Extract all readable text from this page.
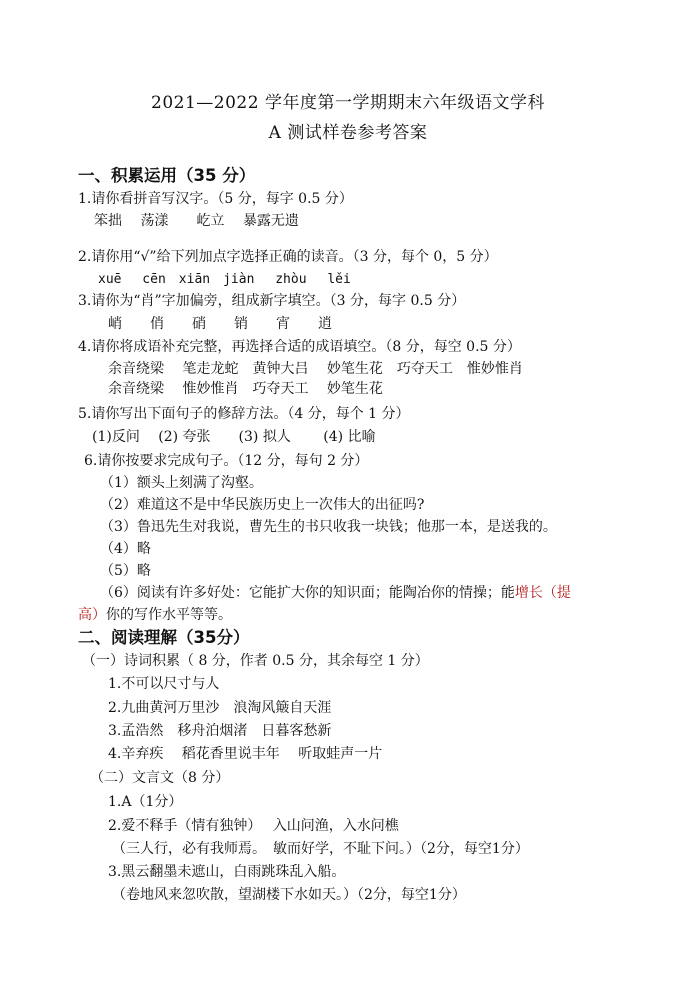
2021—2022 学年度第一学期期末六年级语文学科
A 测试样卷参考答案
一、积累运用（35 分）
1.请你看拼音写汉字。（5 分，每字 0.5 分）
笨拙　 荡漾　　屹立　 暴露无遗
2.请你用“√”给下列加点字选择正确的读音。（3 分，每个 0，5 分）
xuē　 cēn　xiān　jiàn　 zhòu　 lěi
3.请你为“肖”字加偏旁，组成新字填空。（3 分，每字 0.5 分）
峭　　俏　　硝　　销　　宵　　逍
4.请你将成语补充完整，再选择合适的成语填空。（8 分，每空 0.5 分）
余音绕梁　 笔走龙蛇　黄钟大吕　 妙笔生花　巧夺天工　惟妙惟肖
余音绕梁　 惟妙惟肖　巧夺天工　 妙笔生花
5.请你写出下面句子的修辞方法。（4 分，每个 1 分）
(1)反问　 (2) 夸张　　(3) 拟人　　 (4) 比喻
6.请你按要求完成句子。（12 分，每句 2 分）
（1）额头上刻满了沟壑。
（2）难道这不是中华民族历史上一次伟大的出征吗?
（3）鲁迅先生对我说，曹先生的书只收我一块钱；他那一本，是送我的。
（4）略
（5）略
（6）阅读有许多好处：它能扩大你的知识面；能陶冶你的情操；能增长（提
高）你的写作水平等等。
二、阅读理解（35分）
（一）诗词积累（ 8 分，作者 0.5 分，其余每空 1 分）
1.不可以尺寸与人
2.九曲黄河万里沙　浪淘风簸自天涯
3.孟浩然　移舟泊烟渚　日暮客愁新
4.辛弃疾　 稻花香里说丰年　 听取蛙声一片
（二）文言文（8 分）
1.A（1分）
2.爱不释手（情有独钟）　 入山问渔，入水问樵
（三人行，必有我师焉。　敏而好学，不耻下问。）（2分，每空1分）
3.黑云翻墨未遮山，白雨跳珠乱入船。
（卷地风来忽吹散，望湖楼下水如天。）（2分，每空1分）
